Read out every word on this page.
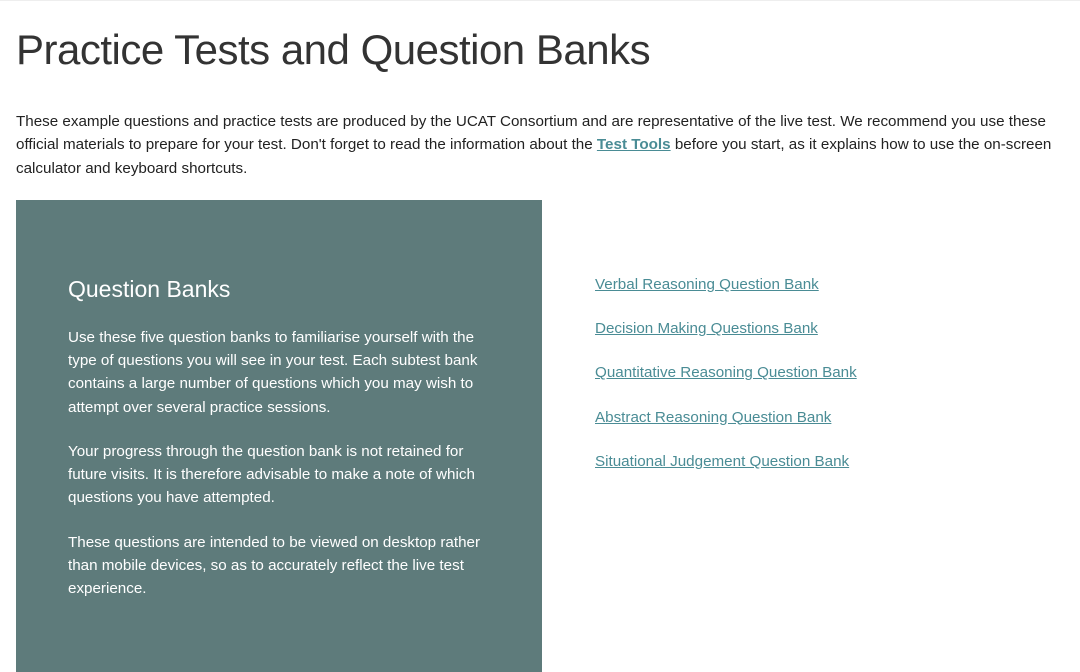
Practice Tests and Question Banks

These example questions and practice tests are produced by the UCAT Consortium and are representative of the live test. We recommend you use these official materials to prepare for your test. Don't forget to read the information about the Test Tools before you start, as it explains how to use the on-screen calculator and keyboard shortcuts.

Question Banks

Use these five question banks to familiarise yourself with the type of questions you will see in your test. Each subtest bank contains a large number of questions which you may wish to attempt over several practice sessions.

Your progress through the question bank is not retained for future visits. It is therefore advisable to make a note of which questions you have attempted.

These questions are intended to be viewed on desktop rather than mobile devices, so as to accurately reflect the live test experience.

Verbal Reasoning Question Bank
Decision Making Questions Bank
Quantitative Reasoning Question Bank
Abstract Reasoning Question Bank
Situational Judgement Question Bank
